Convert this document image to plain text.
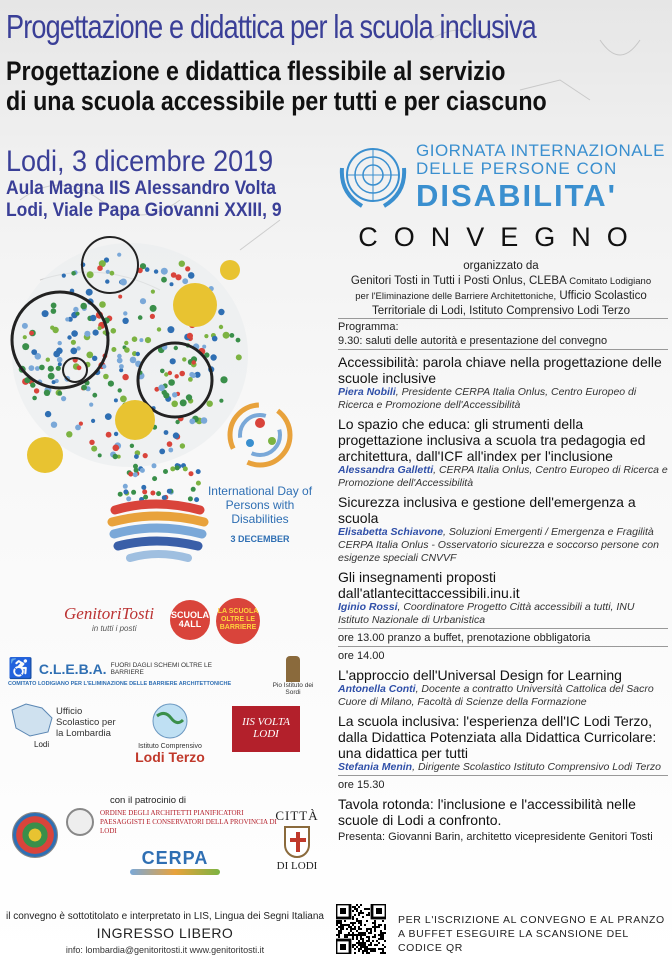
Progettazione e didattica per la scuola inclusiva
Progettazione e didattica flessibile al servizio
di una scuola accessibile per tutti e per ciascuno
Lodi, 3 dicembre 2019
Aula Magna IIS Alessandro Volta
Lodi, Viale Papa Giovanni XXIII, 9
GIORNATA INTERNAZIONALE
DELLE PERSONE CON
DISABILITA'
CONVEGNO
organizzato da
Genitori Tosti in Tutti i Posti Onlus, CLEBA Comitato Lodigiano
per l'Eliminazione delle Barriere Architettoniche, Ufficio Scolastico
Territoriale di Lodi, Istituto Comprensivo Lodi Terzo
Programma:
9.30: saluti delle autorità e presentazione del convegno
Accessibilità: parola chiave nella progettazione delle scuole inclusive
Piera Nobili, Presidente CERPA Italia Onlus, Centro Europeo di Ricerca e Promozione dell'Accessibilità
Lo spazio che educa: gli strumenti della progettazione inclusiva a scuola tra pedagogia ed architettura, dall'ICF all'index per l'inclusione
Alessandra Galletti, CERPA Italia Onlus, Centro Europeo di Ricerca e Promozione dell'Accessibilità
Sicurezza inclusiva e gestione dell'emergenza a scuola
Elisabetta Schiavone, Soluzioni Emergenti / Emergenza e Fragilità CERPA Italia Onlus - Osservatorio sicurezza e soccorso persone con esigenze speciali CNVVF
Gli insegnamenti proposti dall'atlantecittaccessibili.inu.it
Iginio Rossi, Coordinatore Progetto Città accessibili a tutti, INU Istituto Nazionale di Urbanistica
ore 13.00 pranzo a buffet, prenotazione obbligatoria
ore 14.00
L'approccio dell'Universal Design for Learning
Antonella Conti, Docente a contratto Università Cattolica del Sacro Cuore di Milano, Facoltà di Scienze della Formazione
La scuola inclusiva: l'esperienza dell'IC Lodi Terzo, dalla Didattica Potenziata alla Didattica Curricolare: una didattica per tutti
Stefania Menin, Dirigente Scolastico Istituto Comprensivo Lodi Terzo
ore 15.30
Tavola rotonda: l'inclusione e l'accessibilità nelle scuole di Lodi a confronto.
Presenta: Giovanni Barin, architetto vicepresidente Genitori Tosti
International Day of Persons with Disabilities
3 DECEMBER
GenitoriTosti
in tutti i posti
SCUOLA 4ALL
LA SCUOLA OLTRE LE BARRIERE
♿ C.L.E.B.A. FUORI DAGLI SCHEMI OLTRE LE BARRIERE
COMITATO LODIGIANO PER L'ELIMINAZIONE DELLE BARRIERE ARCHITETTONICHE	Pio Istituto dei Sordi
Ufficio Scolastico per la Lombardia
Lodi	Istituto Comprensivo
Lodi Terzo
IIS VOLTA LODI
con il patrocinio di
ORDINE DEGLI ARCHITETTI PIANIFICATORI PAESAGGISTI E CONSERVATORI DELLA PROVINCIA DI LODI
CERPA
CITTÀ
DI LODI
il convegno è sottotitolato e interpretato in LIS, Lingua dei Segni Italiana
INGRESSO LIBERO
info: lombardia@genitoritosti.it www.genitoritosti.it
PER L'ISCRIZIONE AL CONVEGNO E AL PRANZO A BUFFET ESEGUIRE LA SCANSIONE DEL CODICE QR
